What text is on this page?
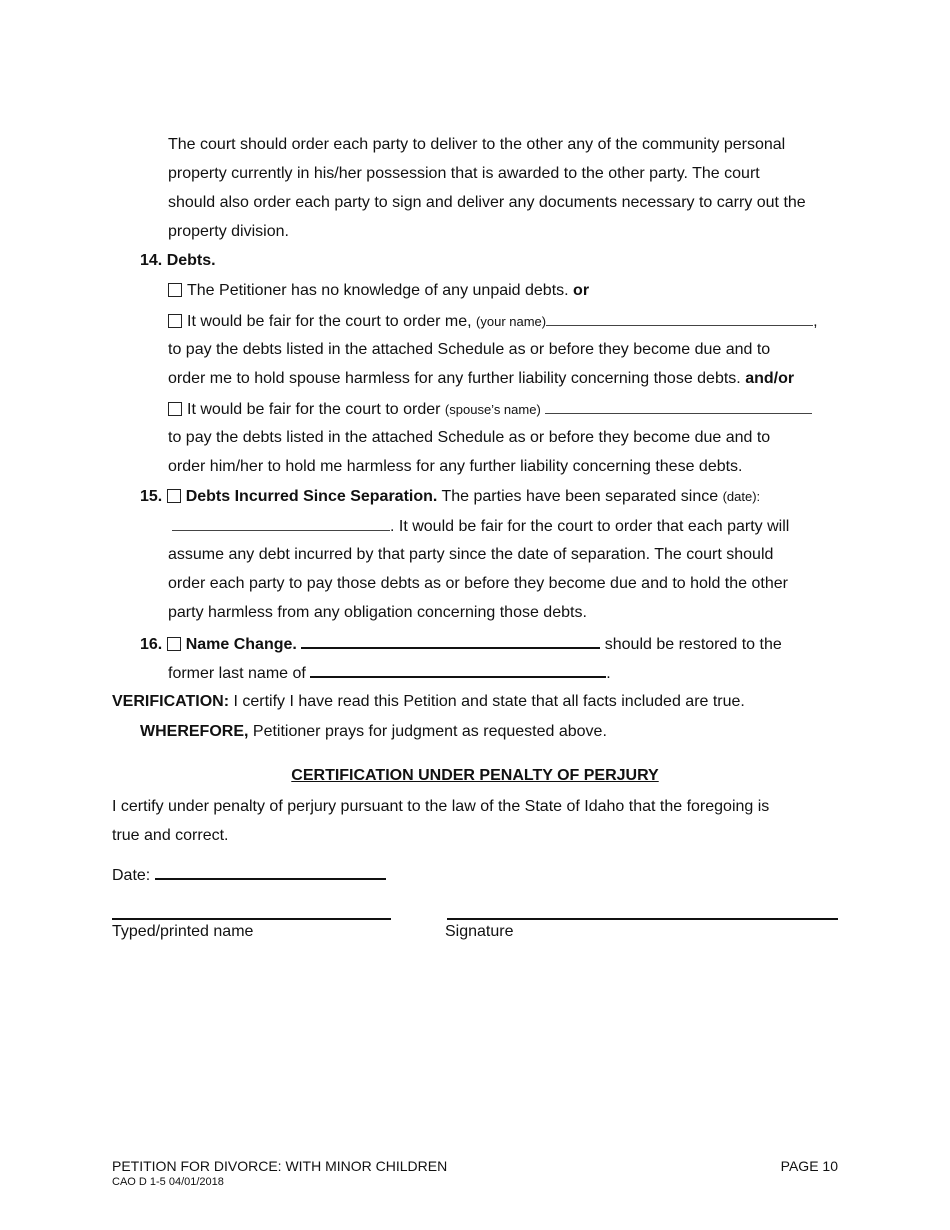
The court should order each party to deliver to the other any of the community personal
property currently in his/her possession that is awarded to the other party. The court
should also order each party to sign and deliver any documents necessary to carry out the
property division.
14. Debts.
The Petitioner has no knowledge of any unpaid debts. or
It would be fair for the court to order me, (your name)	,
to pay the debts listed in the attached Schedule as or before they become due and to
order me to hold spouse harmless for any further liability concerning those debts. and/or
It would be fair for the court to order (spouse’s name)
to pay the debts listed in the attached Schedule as or before they become due and to
order him/her to hold me harmless for any further liability concerning these debts.
15. Debts Incurred Since Separation. The parties have been separated since (date):
. It would be fair for the court to order that each party will
assume any debt incurred by that party since the date of separation. The court should
order each party to pay those debts as or before they become due and to hold the other
party harmless from any obligation concerning those debts.
16. Name Change.	should be restored to the
former last name of	.
VERIFICATION: I certify I have read this Petition and state that all facts included are true.
WHEREFORE, Petitioner prays for judgment as requested above.
CERTIFICATION UNDER PENALTY OF PERJURY
I certify under penalty of perjury pursuant to the law of the State of Idaho that the foregoing is
true and correct.
Date:
Typed/printed name	Signature
PETITION FOR DIVORCE: WITH MINOR CHILDREN
CAO D 1-5 04/01/2018
PAGE 10
